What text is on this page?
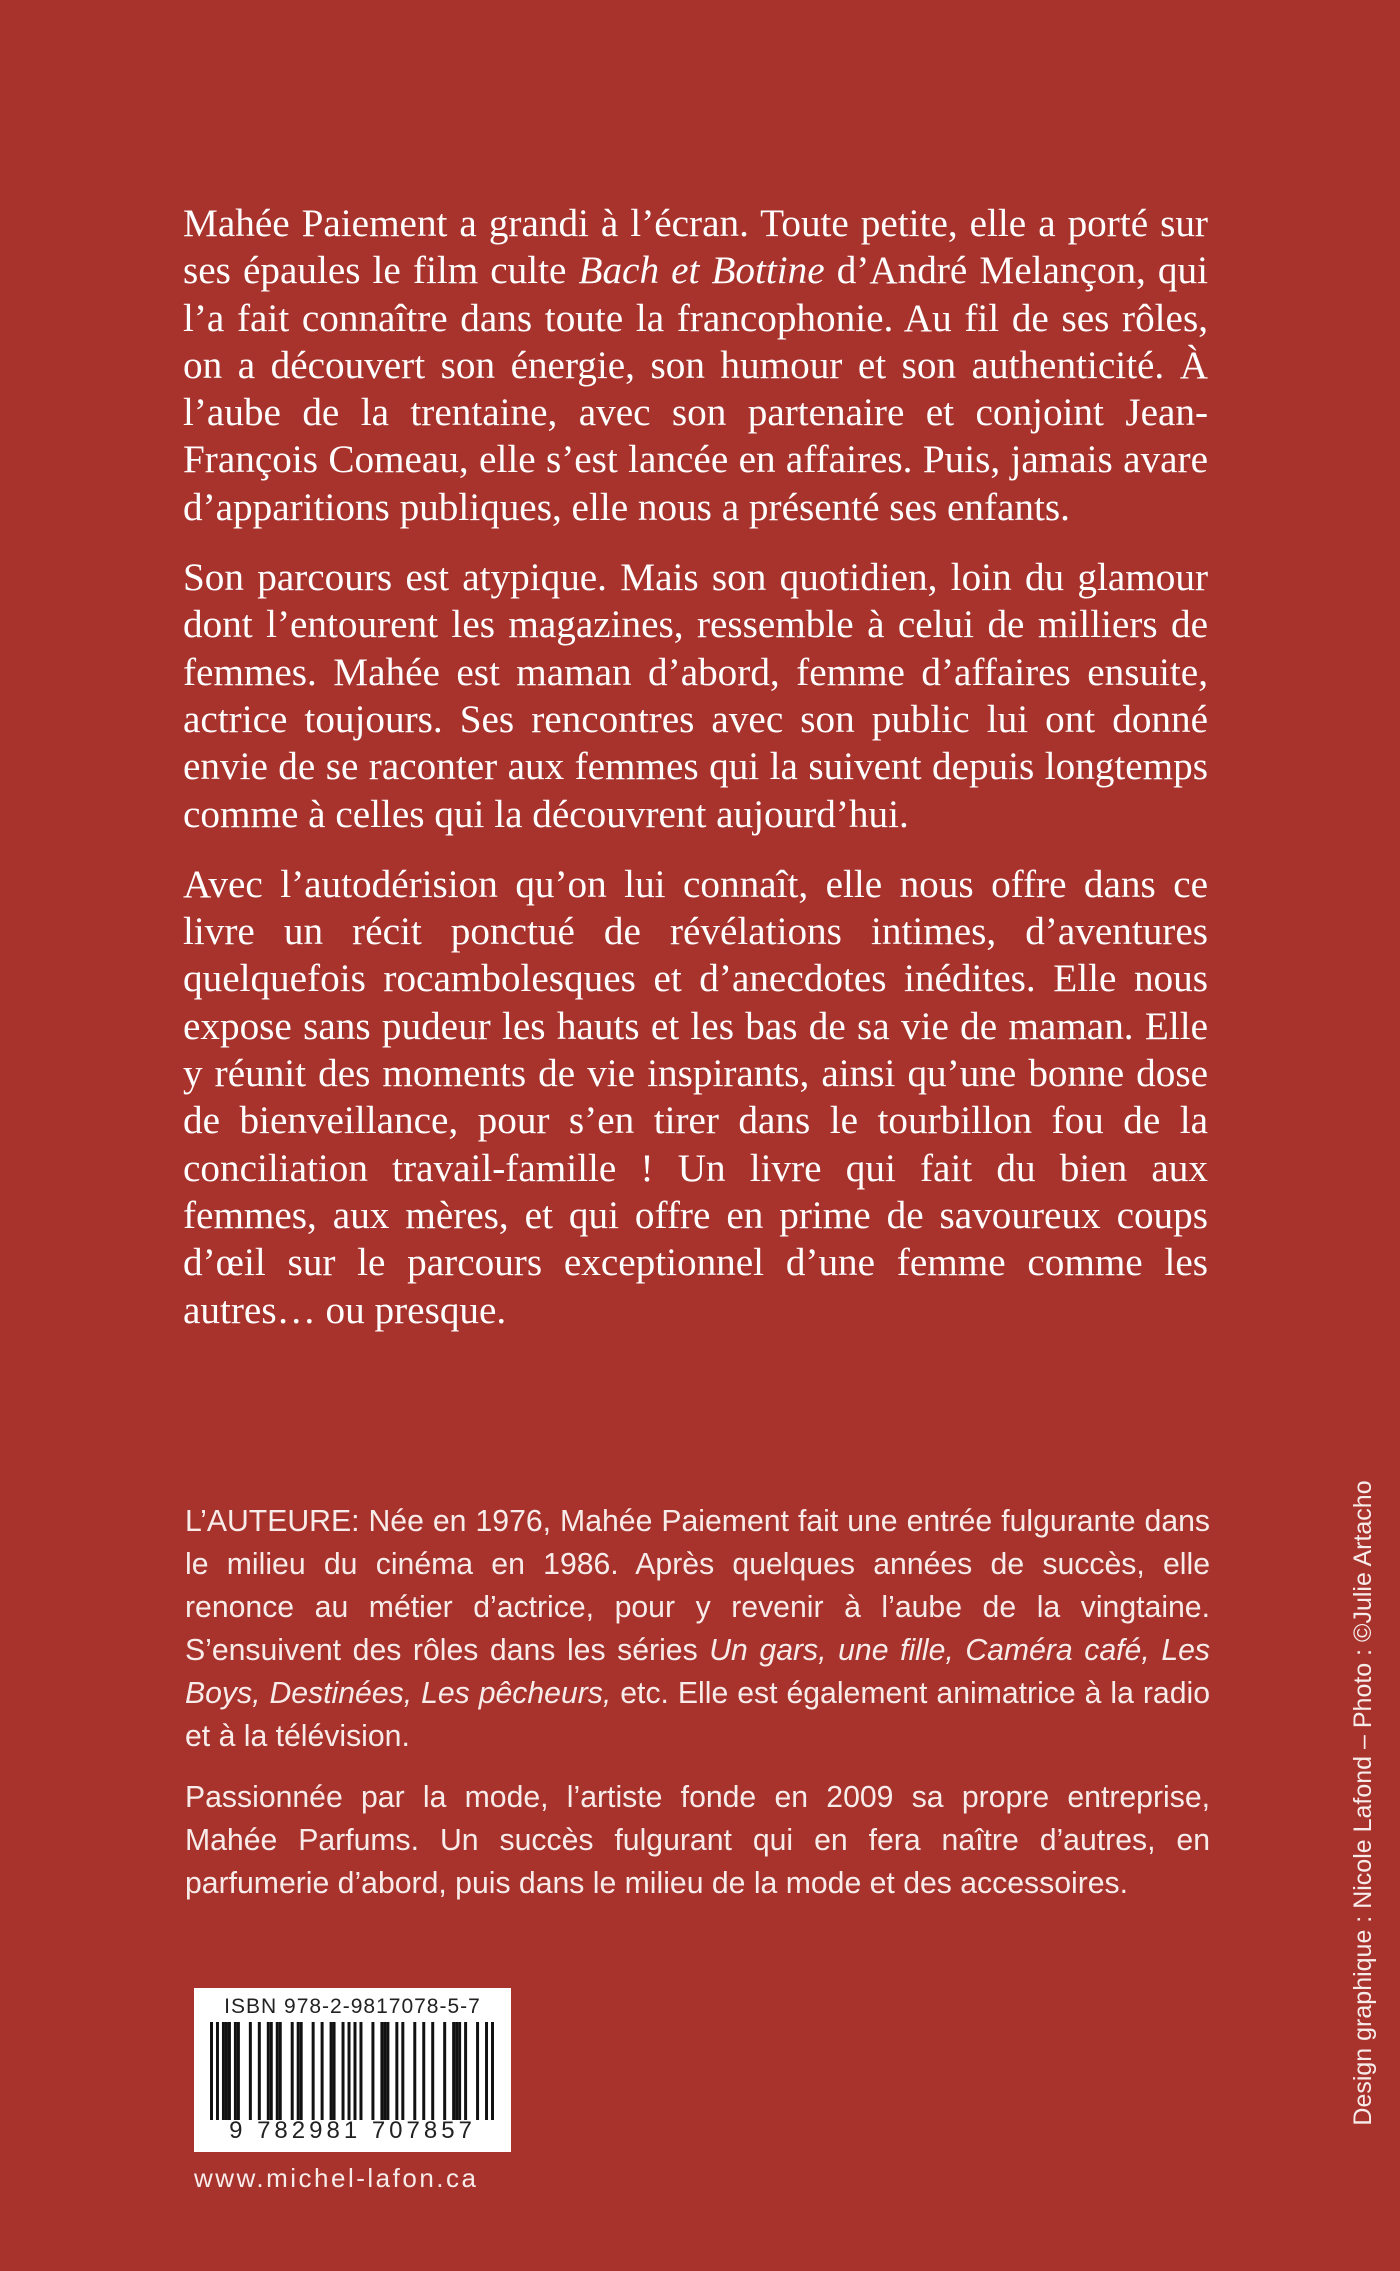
Mahée Paiement a grandi à l’écran. Toute petite, elle a porté sur ses épaules le film culte Bach et Bottine d’André Melançon, qui l’a fait connaître dans toute la francophonie. Au fil de ses rôles, on a découvert son énergie, son humour et son authenticité. À l’aube de la trentaine, avec son partenaire et conjoint Jean-François Comeau, elle s’est lancée en affaires. Puis, jamais avare d’apparitions publiques, elle nous a présenté ses enfants.

Son parcours est atypique. Mais son quotidien, loin du glamour dont l’entourent les magazines, ressemble à celui de milliers de femmes. Mahée est maman d’abord, femme d’affaires ensuite, actrice toujours. Ses rencontres avec son public lui ont donné envie de se raconter aux femmes qui la suivent depuis longtemps comme à celles qui la découvrent aujourd’hui.

Avec l’autodérision qu’on lui connaît, elle nous offre dans ce livre un récit ponctué de révélations intimes, d’aventures quelquefois rocambolesques et d’anecdotes inédites. Elle nous expose sans pudeur les hauts et les bas de sa vie de maman. Elle y réunit des moments de vie inspirants, ainsi qu’une bonne dose de bienveillance, pour s’en tirer dans le tourbillon fou de la conciliation travail-famille ! Un livre qui fait du bien aux femmes, aux mères, et qui offre en prime de savoureux coups d’œil sur le parcours exceptionnel d’une femme comme les autres… ou presque.

L’AUTEURE: Née en 1976, Mahée Paiement fait une entrée fulgurante dans le milieu du cinéma en 1986. Après quelques années de succès, elle renonce au métier d’actrice, pour y revenir à l’aube de la vingtaine. S’ensuivent des rôles dans les séries Un gars, une fille, Caméra café, Les Boys, Destinées, Les pêcheurs, etc. Elle est également animatrice à la radio et à la télévision.

Passionnée par la mode, l’artiste fonde en 2009 sa propre entreprise, Mahée Parfums. Un succès fulgurant qui en fera naître d’autres, en parfumerie d’abord, puis dans le milieu de la mode et des accessoires.	Design graphique : Nicole Lafond – Photo : ©Julie Artacho
ISBN 978-2-9817078-5-7
9 782981 707857
www.michel-lafon.ca
